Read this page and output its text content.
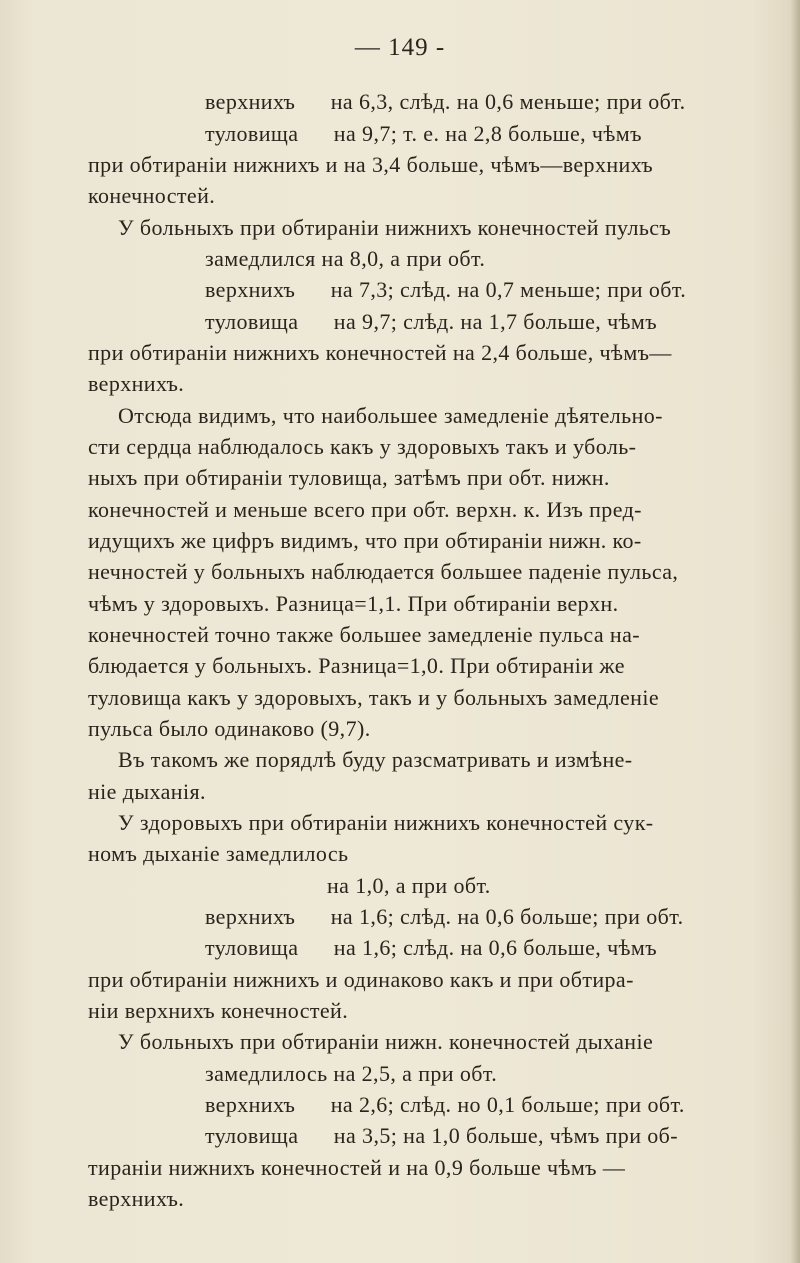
— 149 -
верхнихъ      на 6,3, слѣд. на 0,6 меньше; при обт.
туловища      на 9,7; т. е. на 2,8 больше, чѣмъ
при обтираніи нижнихъ и на 3,4 больше, чѣмъ—верхнихъ
конечностей.
У больныхъ при обтираніи нижнихъ конечностей пульсъ
замедлился на 8,0, а при обт.
верхнихъ      на 7,3; слѣд. на 0,7 меньше; при обт.
туловища      на 9,7; слѣд. на 1,7 больше, чѣмъ
при обтираніи нижнихъ конечностей на 2,4 больше, чѣмъ—
верхнихъ.
Отсюда видимъ, что наибольшее замедленіе дѣятельно-
сти сердца наблюдалось какъ у здоровыхъ такъ и уболь-
ныхъ при обтираніи туловища, затѣмъ при обт. нижн.
конечностей и меньше всего при обт. верхн. к. Изъ пред-
идущихъ же цифръ видимъ, что при обтираніи нижн. ко-
нечностей у больныхъ наблюдается большее паденіе пульса,
чѣмъ у здоровыхъ. Разница=1,1. При обтираніи верхн.
конечностей точно также большее замедленіе пульса на-
блюдается у больныхъ. Разница=1,0. При обтираніи же
туловища какъ у здоровыхъ, такъ и у больныхъ замедленіе
пульса было одинаково (9,7).
Въ такомъ же порядлѣ буду разсматривать и измѣне-
ніе дыханія.
У здоровыхъ при обтираніи нижнихъ конечностей сук-
номъ дыханіе замедлилось
на 1,0, а при обт.
верхнихъ      на 1,6; слѣд. на 0,6 больше; при обт.
туловища      на 1,6; слѣд. на 0,6 больше, чѣмъ
при обтираніи нижнихъ и одинаково какъ и при обтира-
ніи верхнихъ конечностей.
У больныхъ при обтираніи нижн. конечностей дыханіе
замедлилось на 2,5, а при обт.
верхнихъ      на 2,6; слѣд. но 0,1 больше; при обт.
туловища      на 3,5; на 1,0 больше, чѣмъ при об-
тираніи нижнихъ конечностей и на 0,9 больше чѣмъ —
верхнихъ.
